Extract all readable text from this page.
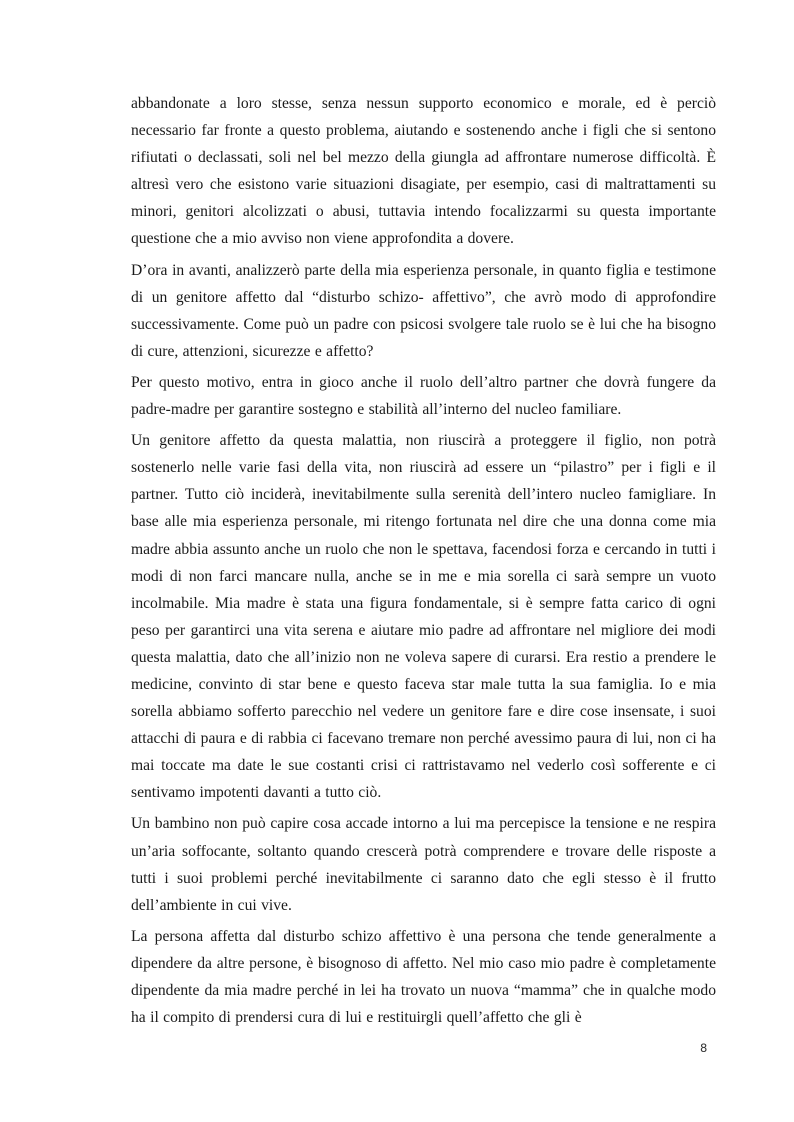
abbandonate a loro stesse, senza nessun supporto economico e morale, ed è perciò necessario far fronte a questo problema, aiutando e sostenendo anche i figli che si sentono rifiutati o declassati, soli nel bel mezzo della giungla ad affrontare numerose difficoltà. È altresì vero che esistono varie situazioni disagiate, per esempio, casi di maltrattamenti su minori, genitori alcolizzati o abusi, tuttavia intendo focalizzarmi su questa importante questione che a mio avviso non viene approfondita a dovere.

D’ora in avanti, analizzerò parte della mia esperienza personale, in quanto figlia e testimone di un genitore affetto dal “disturbo schizo- affettivo”, che avrò modo di approfondire successivamente. Come può un padre con psicosi svolgere tale ruolo se è lui che ha bisogno di cure, attenzioni, sicurezze e affetto?

Per questo motivo, entra in gioco anche il ruolo dell’altro partner che dovrà fungere da padre-madre per garantire sostegno e stabilità all’interno del nucleo familiare.

Un genitore affetto da questa malattia, non riuscirà a proteggere il figlio, non potrà sostenerlo nelle varie fasi della vita, non riuscirà ad essere un “pilastro” per i figli e il partner. Tutto ciò inciderà, inevitabilmente sulla serenità dell’intero nucleo famigliare. In base alle mia esperienza personale, mi ritengo fortunata nel dire che una donna come mia madre abbia assunto anche un ruolo che non le spettava, facendosi forza e cercando in tutti i modi di non farci mancare nulla, anche se in me e mia sorella ci sarà sempre un vuoto incolmabile. Mia madre è stata una figura fondamentale, si è sempre fatta carico di ogni peso per garantirci una vita serena e aiutare mio padre ad affrontare nel migliore dei modi questa malattia, dato che all’inizio non ne voleva sapere di curarsi. Era restio a prendere le medicine, convinto di star bene e questo faceva star male tutta la sua famiglia. Io e mia sorella abbiamo sofferto parecchio nel vedere un genitore fare e dire cose insensate, i suoi attacchi di paura e di rabbia ci facevano tremare non perché avessimo paura di lui, non ci ha mai toccate ma date le sue costanti crisi ci rattristavamo nel vederlo così sofferente e ci sentivamo impotenti davanti a tutto ciò.

Un bambino non può capire cosa accade intorno a lui ma percepisce la tensione e ne respira un’aria soffocante, soltanto quando crescerà potrà comprendere e trovare delle risposte a tutti i suoi problemi perché inevitabilmente ci saranno dato che egli stesso è il frutto dell’ambiente in cui vive.

La persona affetta dal disturbo schizo affettivo è una persona che tende generalmente a dipendere da altre persone, è bisognoso di affetto. Nel mio caso mio padre è completamente dipendente da mia madre perché in lei ha trovato un nuova “mamma” che in qualche modo ha il compito di prendersi cura di lui e restituirgli quell’affetto che gli è

8
